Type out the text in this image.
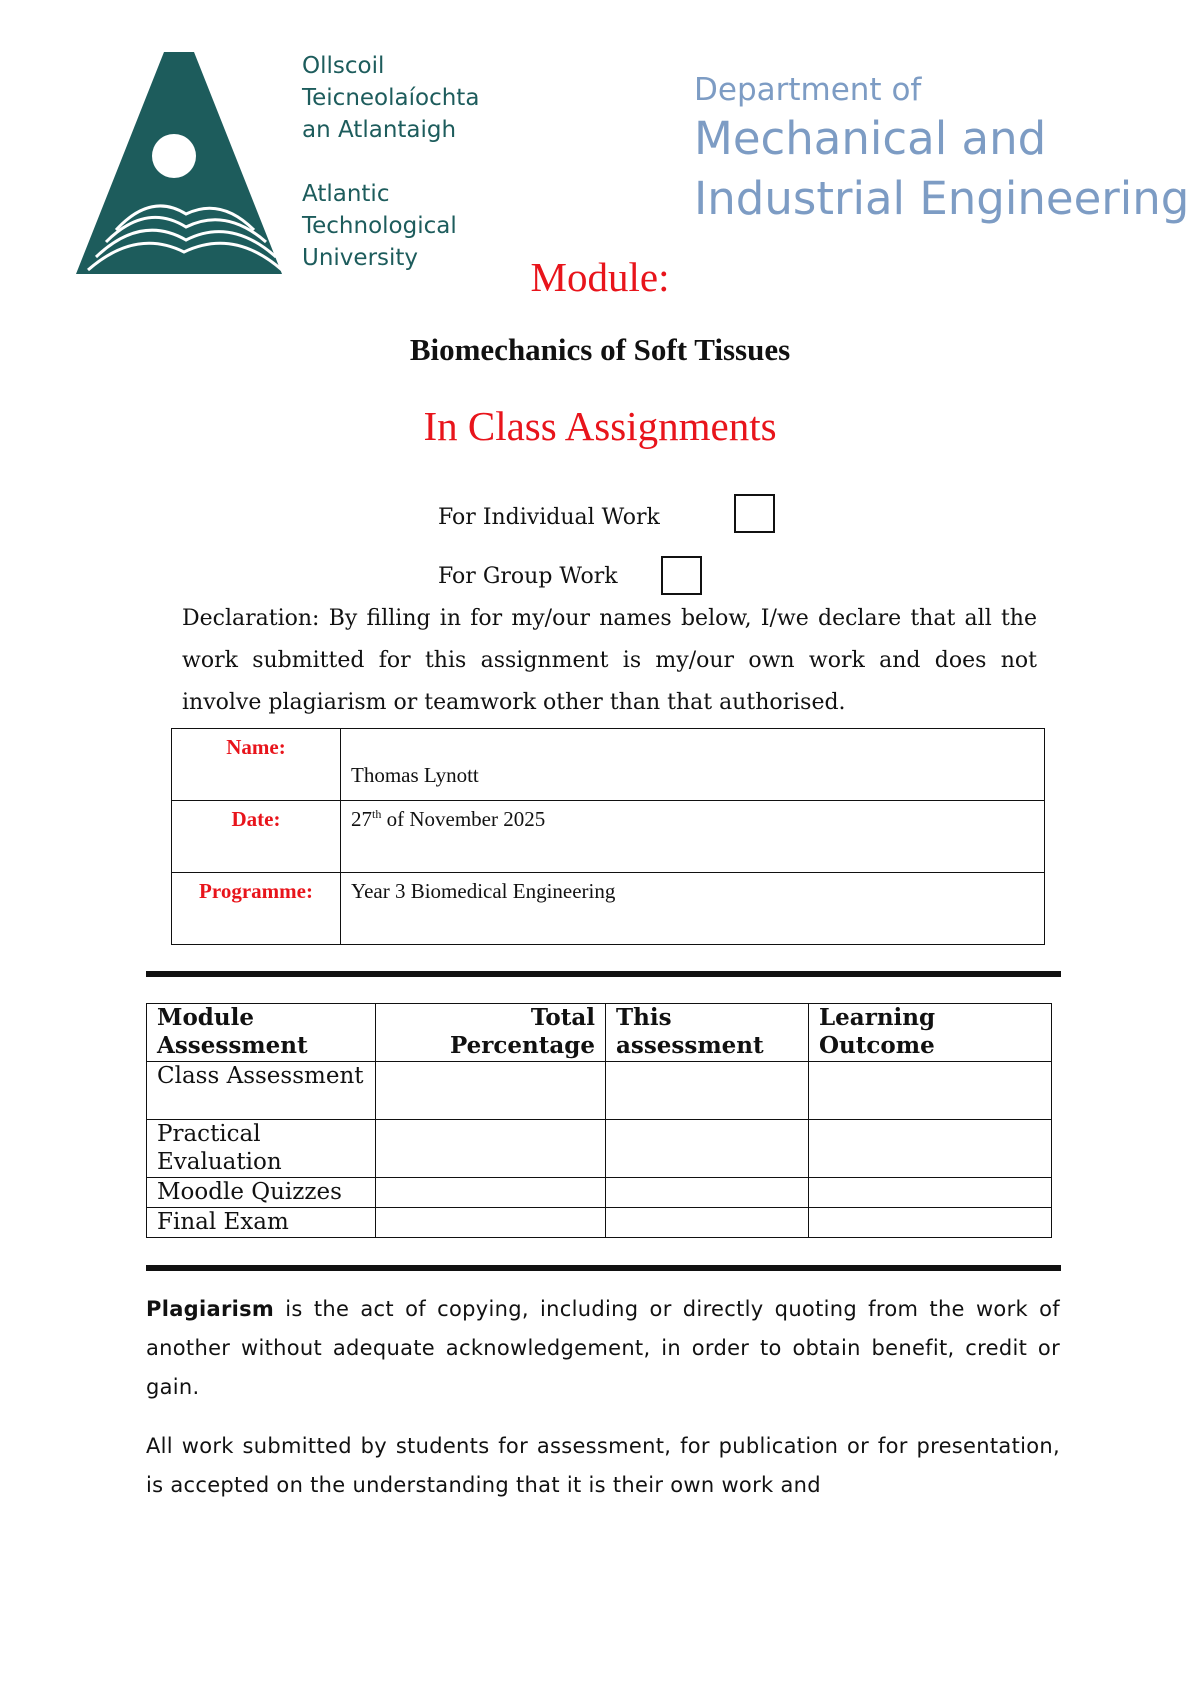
Ollscoil
Teicneolaíochta
an Atlantaigh
Atlantic
Technological
University
Department of
Mechanical and
Industrial Engineering
Module:
Biomechanics of Soft Tissues
In Class Assignments
For Individual Work
For Group Work
Declaration: By filling in for my/our names below, I/we declare that all the work submitted for this assignment is my/our own work and does not involve plagiarism or teamwork other than that authorised.
Name:	Thomas Lynott

Date:	27th of November 2025
Programme:	Year 3 Biomedical Engineering
Module Assessment	Total Percentage	This assessment	Learning Outcome
Class Assessment			
Practical Evaluation			
Moodle Quizzes			
Final Exam			
Plagiarism is the act of copying, including or directly quoting from the work of another without adequate acknowledgement, in order to obtain benefit, credit or gain.
All work submitted by students for assessment, for publication or for presentation, is accepted on the understanding that it is their own work and
